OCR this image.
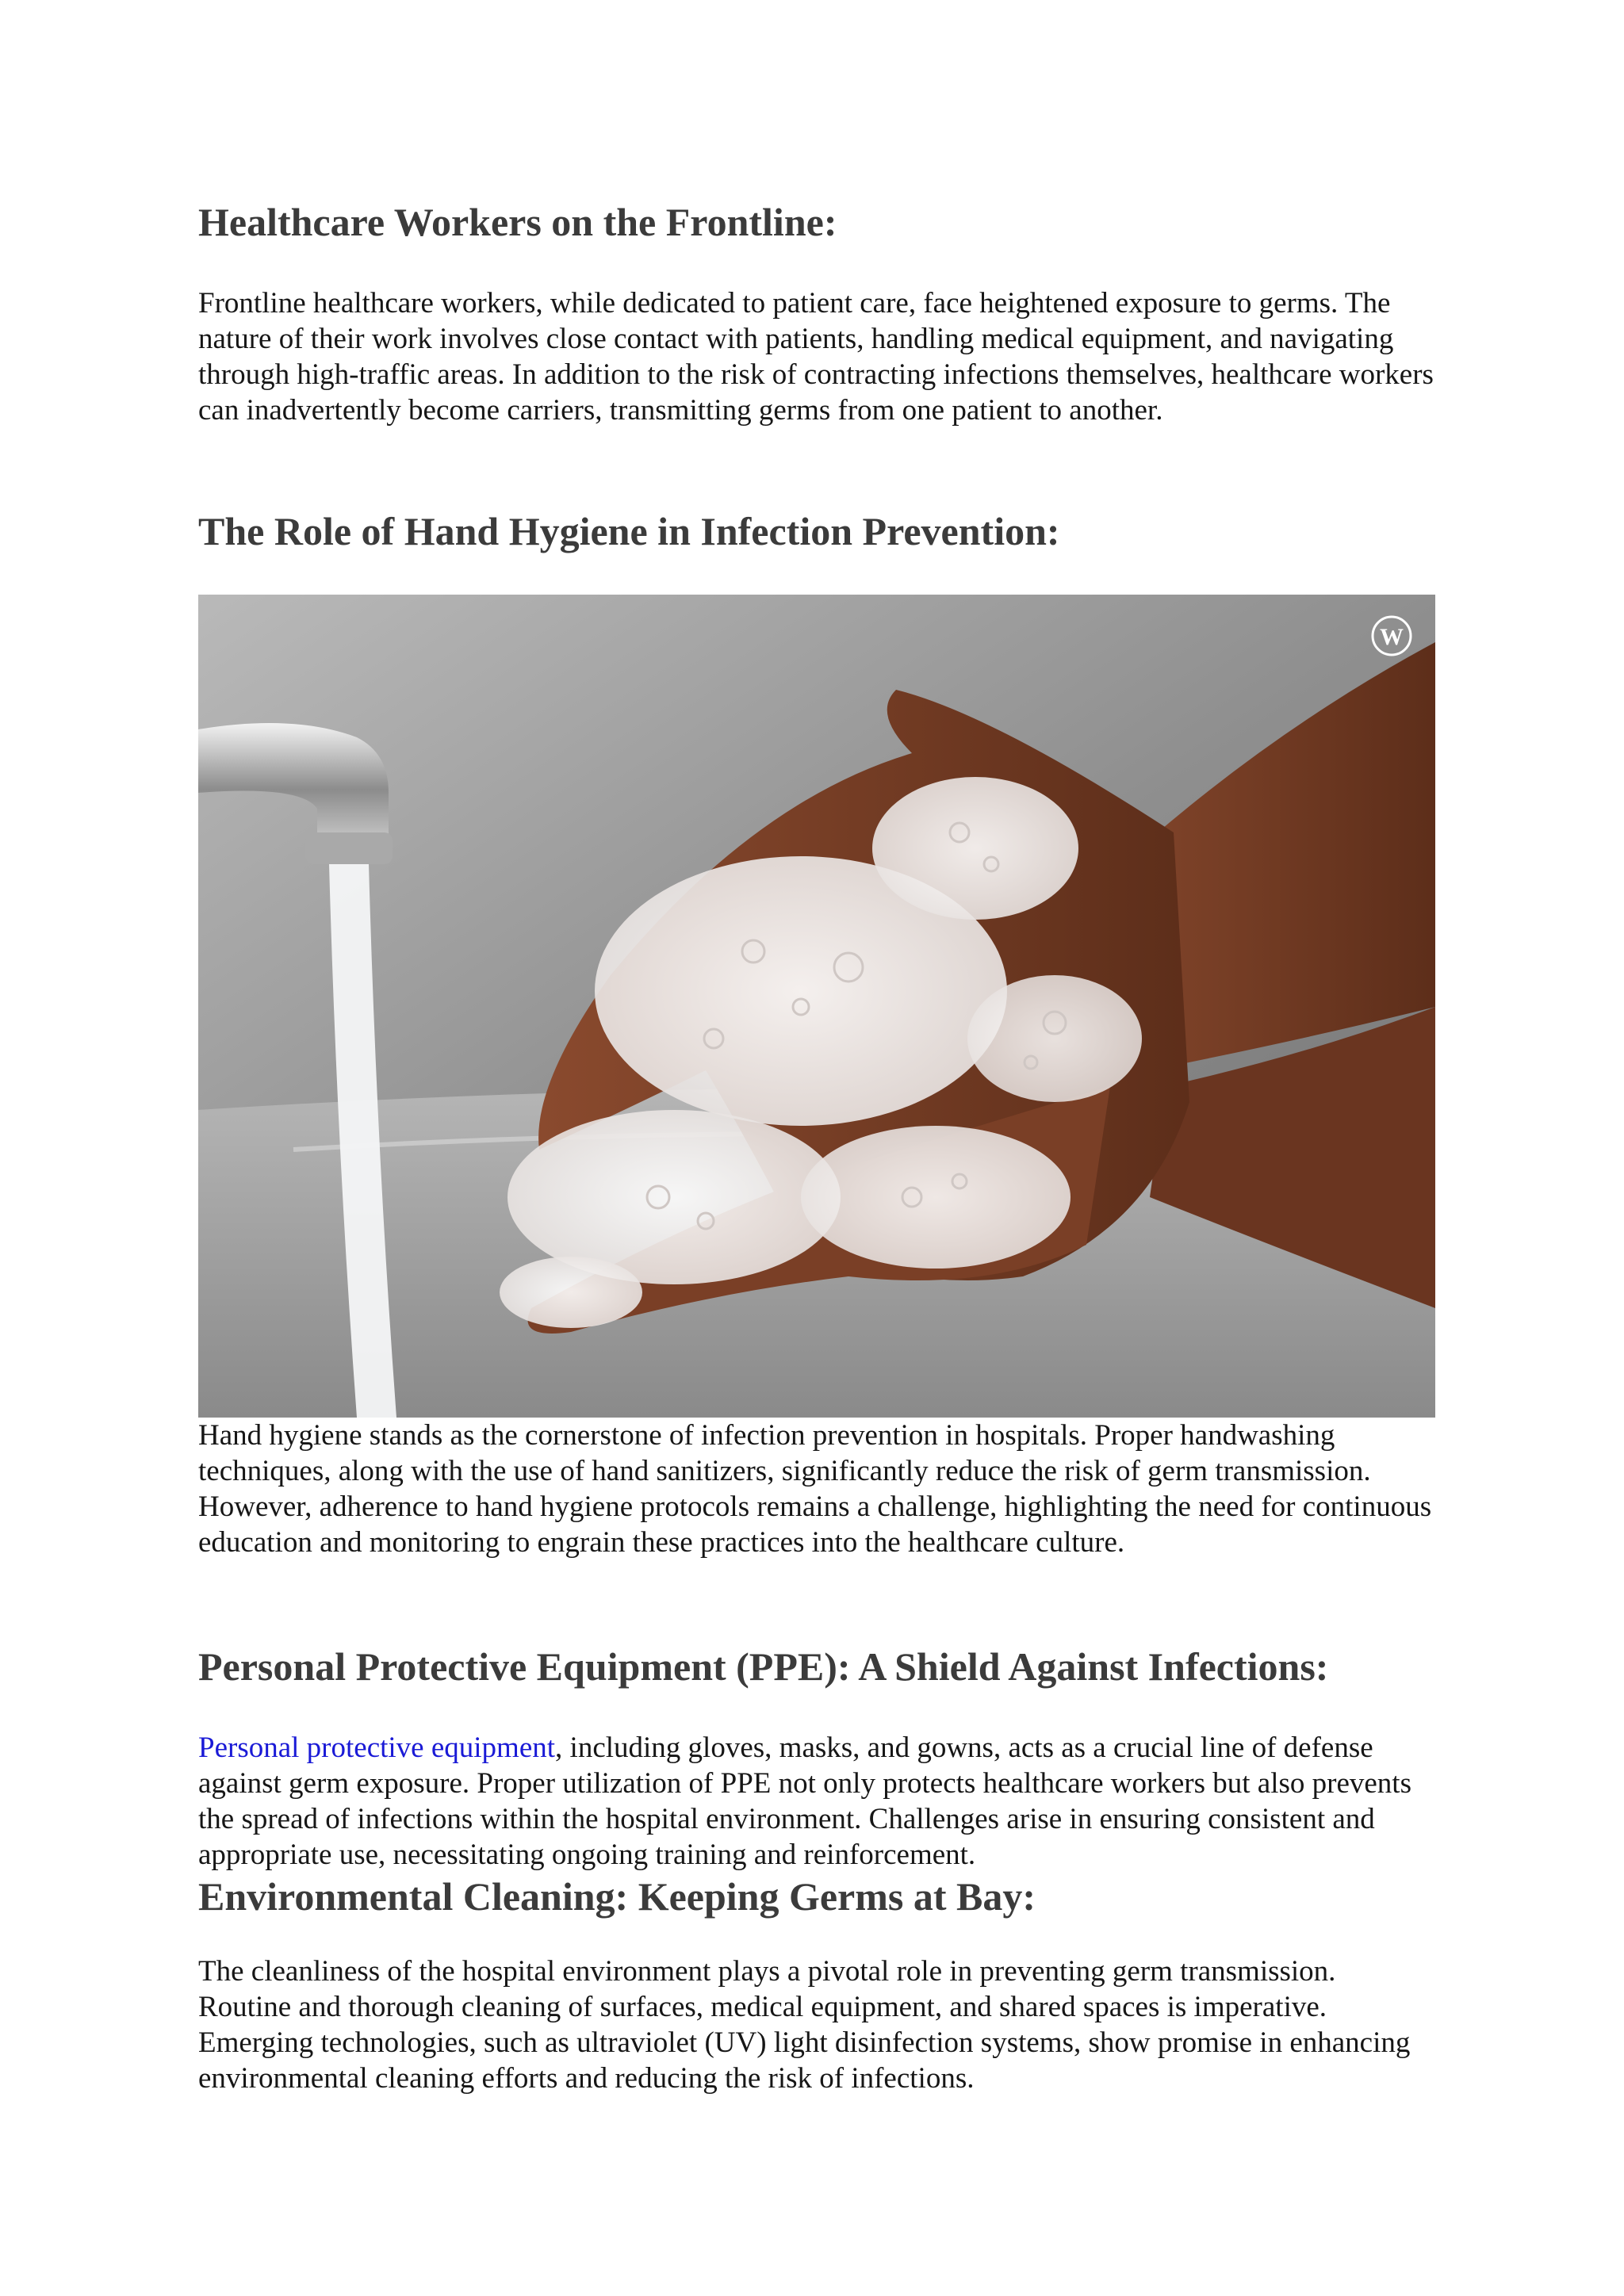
Healthcare Workers on the Frontline:

Frontline healthcare workers, while dedicated to patient care, face heightened exposure to germs. The nature of their work involves close contact with patients, handling medical equipment, and navigating through high-traffic areas. In addition to the risk of contracting infections themselves, healthcare workers can inadvertently become carriers, transmitting germs from one patient to another.

The Role of Hand Hygiene in Infection Prevention:
W

Hand hygiene stands as the cornerstone of infection prevention in hospitals. Proper handwashing techniques, along with the use of hand sanitizers, significantly reduce the risk of germ transmission. However, adherence to hand hygiene protocols remains a challenge, highlighting the need for continuous education and monitoring to engrain these practices into the healthcare culture.

Personal Protective Equipment (PPE): A Shield Against Infections:

Personal protective equipment, including gloves, masks, and gowns, acts as a crucial line of defense against germ exposure. Proper utilization of PPE not only protects healthcare workers but also prevents the spread of infections within the hospital environment. Challenges arise in ensuring consistent and appropriate use, necessitating ongoing training and reinforcement.

Environmental Cleaning: Keeping Germs at Bay:

The cleanliness of the hospital environment plays a pivotal role in preventing germ transmission. Routine and thorough cleaning of surfaces, medical equipment, and shared spaces is imperative. Emerging technologies, such as ultraviolet (UV) light disinfection systems, show promise in enhancing environmental cleaning efforts and reducing the risk of infections.
